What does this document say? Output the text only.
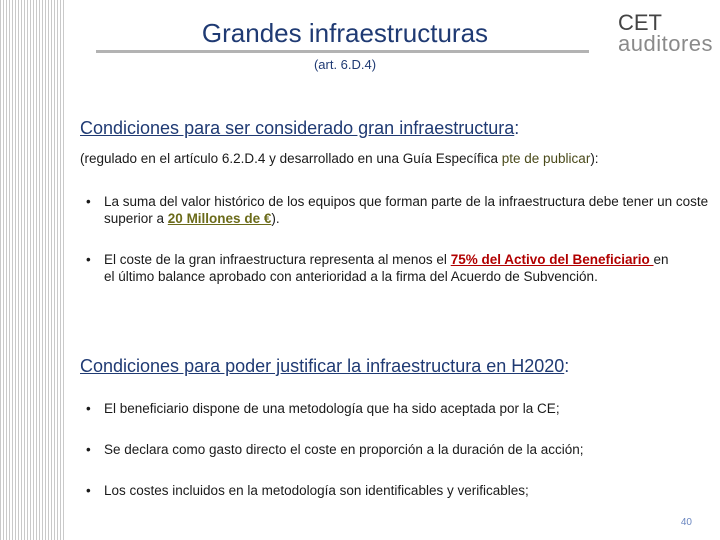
Grandes infraestructuras
(art. 6.D.4)
CET
auditores
Condiciones para ser considerado gran infraestructura:
(regulado en el artículo 6.2.D.4 y desarrollado en una Guía Específica pte de publicar):
• La suma del valor histórico de los equipos que forman parte de la infraestructura debe tener un coste superior a 20 Millones de €).
• El coste de la gran infraestructura representa al menos el 75% del Activo del Beneficiario en el último balance aprobado con anterioridad a la firma del Acuerdo de Subvención.
Condiciones para poder justificar la infraestructura en H2020:
• El beneficiario dispone de una metodología que ha sido aceptada por la CE;
• Se declara como gasto directo el coste en proporción a la duración de la acción;
• Los costes incluidos en la metodología son identificables y verificables;
40
